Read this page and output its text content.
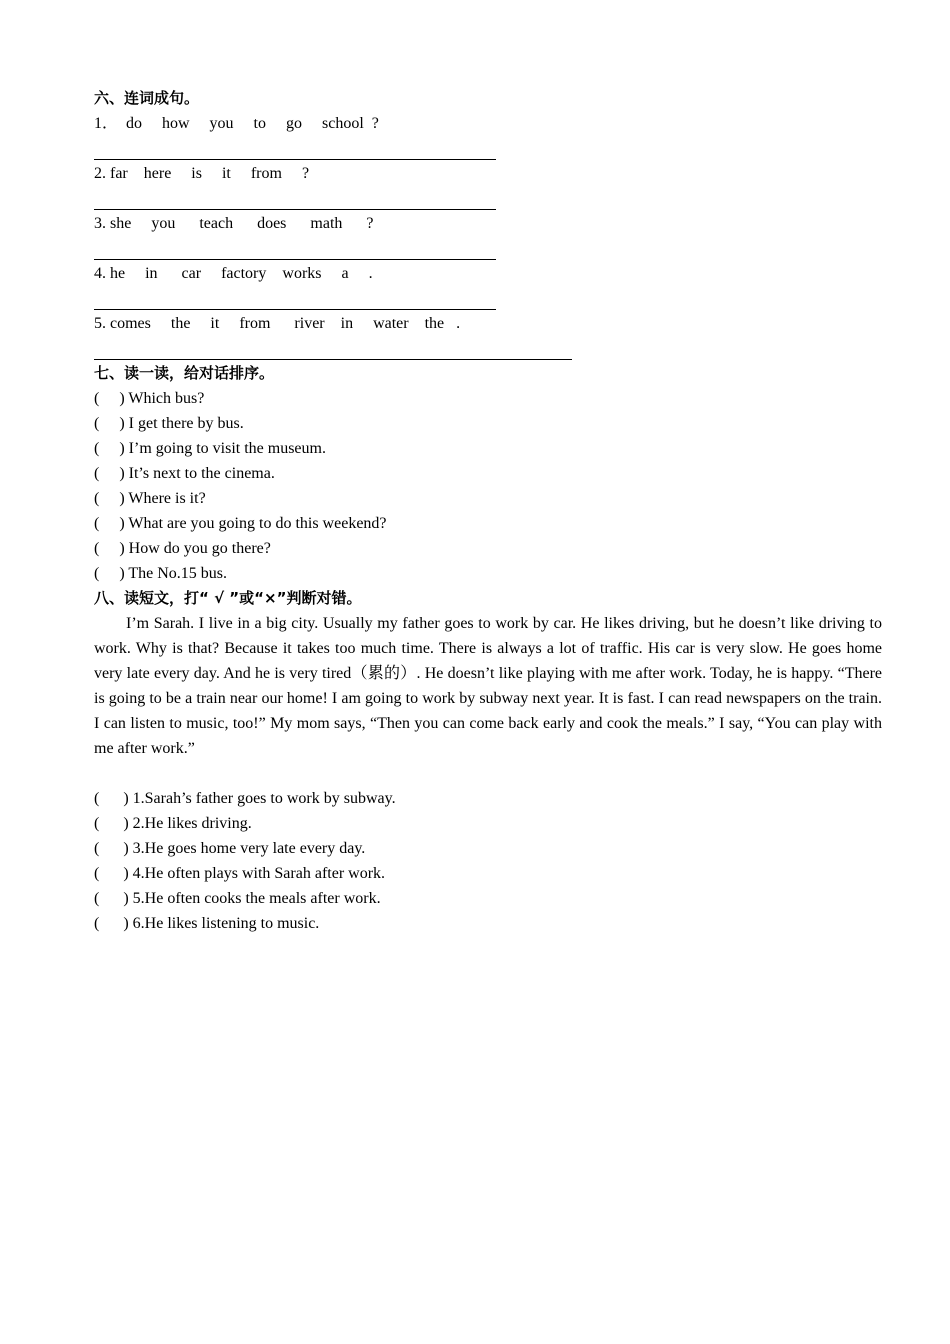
六、连词成句。
1．  do     how     you     to     go     school  ?
2. far    here     is     it     from     ?
3. she     you      teach      does      math      ?
4. he     in      car     factory    works     a     .
5. comes     the     it     from      river    in     water    the   .
七、读一读，给对话排序。
(     ) Which bus?
(     ) I get there by bus.
(     ) I’m going to visit the museum.
(     ) It’s next to the cinema.
(     ) Where is it?
(     ) What are you going to do this weekend?
(     ) How do you go there?
(     ) The No.15 bus.
八、读短文，打“ √ ”或“×”判断对错。

I’m Sarah. I live in a big city. Usually my father goes to work by car. He likes driving, but he doesn’t like driving to work. Why is that? Because it takes too much time. There is always a lot of traffic. His car is very slow. He goes home very late every day. And he is very tired（累的）. He doesn’t like playing with me after work. Today, he is happy. “There is going to be a train near our home! I am going to work by subway next year. It is fast. I can read newspapers on the train. I can listen to music, too!” My mom says, “Then you can come back early and cook the meals.” I say, “You can play with me after work.”

(      ) 1.Sarah’s father goes to work by subway.
(      ) 2.He likes driving.
(      ) 3.He goes home very late every day.
(      ) 4.He often plays with Sarah after work.
(      ) 5.He often cooks the meals after work.
(      ) 6.He likes listening to music.
